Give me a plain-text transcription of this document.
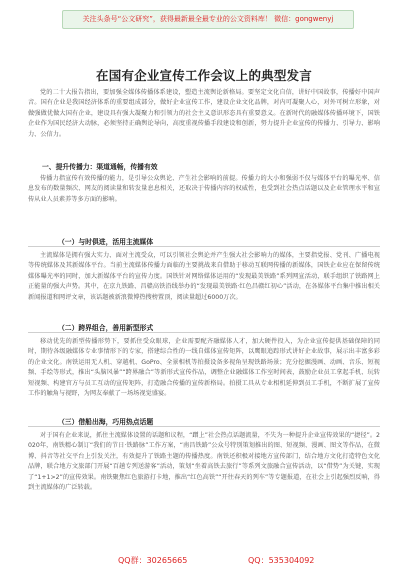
关注头条号“公文研究”，获得最新最全最专业的公文资料库！ 微信：gongwenyj
在国有企业宣传工作会议上的典型发言
党的二十大报告指出，要加强全媒体传播体系建设，塑造主流舆论新格局。要坚定文化自信，讲好中国故事，传播好中国声音。国有企业是我国经济体系的重要组成部分，做好企业宣传工作，建设企业文化品牌，对内可凝聚人心，对外可树立形象，对做强做优做大国有企业，建设具有强大凝聚力和引领力的社会主义意识形态具有重要意义。在新时代的融媒体传播环境下，国铁企业作为国民经济大动脉，必须坚持正确舆论导向，高度重视传播手段建设和创新，努力提升企业宣传的传播力、引导力、影响力、公信力。
一、提升传播力：渠道通畅，传播有效
传播力指宣传有效传播的能力，是引导公众舆论、产生社会影响的前提。传播力的大小和强弱不仅与媒体平台的曝光率、信息发布的数量频次、网友的阅读量和转发量息息相关，还取决于传播内容的权威性，也受到社会热点话题以及企业管理水平和宣传从业人员素养等多方面的影响。
（一）与时俱进，活用主流媒体
主流媒体是拥有强大实力、面对主流受众，可以引领社会舆论并产生强大社会影响力的媒体，主要指党报、党刊、广播电视等传统媒体及其新媒体平台。当前主流媒体传播力面临的主要挑战来自借助于移动互联网传播的新媒体，国铁企业应在保留传统媒体曝光率的同时，加大新媒体平台的宣传力度。国铁针对网络媒体运用的“发现最美铁路”系列网宣活动，联手组织了铁路网上正能量的强大声势。其中，在京九铁路、昌赣高铁沿线举办的“发现最美铁路·红色昌赣红初心”活动，在各媒体平台集中推出相关新闻报道和网评文章，该话题被新浪微博热搜榜置顶，阅读量超过6000万次。
（二）跨界组合，善用新型形式
移动优先的新型传播形势下，要抓住受众眼球，企业需要配齐融媒体人才，加大硬件投入，为企业宣传提供基础保障的同时，期待各级融媒体专业事情形下的专家，搭建综合性的一线自媒体宣传矩阵，以鹰眼追踪形式讲好企业故事，展示出丰富多彩的企业文化。南铁运用无人机、穿越机、GoPro、全景相机等拍摄设备多视角呈现铁路场景；充分挖掘漫画、动画、音乐、短视频、手绘等形式，推出“头脑风暴”“跨界融合”等新形式宣传作品，调整企业融媒体工作室时间表，鼓励企业员工拿起手机、玩转短视频、构建官方与员工互动的宣传矩阵，打造融合传播的宣传新格局。拍摄工具从专业相机延伸到员工手机，不断扩展了宣传工作的触角与视野，为网友奉献了一场场视觉盛宴。
（三）借船出海，巧用热点话题
对于国有企业来说，抓住主流媒体设置的话题和议程，“蹭上”社会热点话题流量，不失为一种提升企业宣传效果的“捷径”。2020年，南铁精心制订“我们的节日·铁路脉”工作方案，“南昌铁路”公众号特别策划推出的图、短视频、漫画、图文等作品，在微博、抖音等社交平台上引发关注，有效提升了铁路主题的传播热度。南铁还积极对接地方宣传部门，结合地方文化打造特色文化品牌，联合地方文旅部门开展“百趟专列送游客”活动，策划“坐着高铁去旅行”等系列文旅融合宣传活动，以“借势”为关键，实现了“1+1>2”的宣传效果。南铁聚焦红色旅游打卡地，推出“红色高铁”“开往春天的列车”等专题报道，在社会上引起强烈反响，得到主流媒体的广泛转载。
QQ群：30265665	QQ：535304092
